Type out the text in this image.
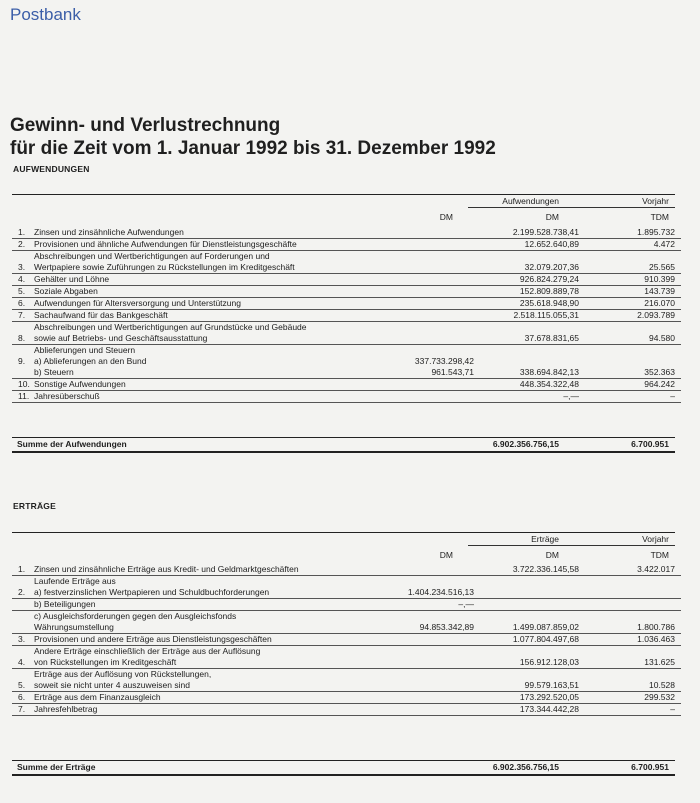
Postbank
Gewinn- und Verlustrechnung
für die Zeit vom 1. Januar 1992 bis 31. Dezember 1992
AUFWENDUNGEN
Aufwendungen	Vorjahr
DM	DM	TDM
1.	Zinsen und zinsähnliche Aufwendungen		2.199.528.738,41	1.895.732
2.	Provisionen und ähnliche Aufwendungen für Dienstleistungsgeschäfte		12.652.640,89	4.472
3.	Abschreibungen und Wertberichtigungen auf Forderungen und
Wertpapiere sowie Zuführungen zu Rückstellungen im Kreditgeschäft		32.079.207,36	25.565
4.	Gehälter und Löhne		926.824.279,24	910.399
5.	Soziale Abgaben		152.809.889,78	143.739
6.	Aufwendungen für Altersversorgung und Unterstützung		235.618.948,90	216.070
7.	Sachaufwand für das Bankgeschäft		2.518.115.055,31	2.093.789
8.	Abschreibungen und Wertberichtigungen auf Grundstücke und Gebäude
sowie auf Betriebs- und Geschäftsausstattung		37.678.831,65	94.580
9.	Ablieferungen und Steuern
a) Ablieferungen an den Bund	337.733.298,42		

	b) Steuern	961.543,71	338.694.842,13	352.363
10.	Sonstige Aufwendungen		448.354.322,48	964.242
11.	Jahresüberschuß		–,—	–
Summe der Aufwendungen	6.902.356.756,15	6.700.951
ERTRÄGE
Erträge	Vorjahr
DM	DM	TDM
1.	Zinsen und zinsähnliche Erträge aus Kredit- und Geldmarktgeschäften		3.722.336.145,58	3.422.017
2.	Laufende Erträge aus
a) festverzinslichen Wertpapieren und Schuldbuchforderungen	1.404.234.516,13		

	b) Beteiligungen	–,—		

	c) Ausgleichsforderungen gegen den Ausgleichsfonds
Währungsumstellung	94.853.342,89	1.499.087.859,02	1.800.786
3.	Provisionen und andere Erträge aus Dienstleistungsgeschäften		1.077.804.497,68	1.036.463
4.	Andere Erträge einschließlich der Erträge aus der Auflösung
von Rückstellungen im Kreditgeschäft		156.912.128,03	131.625
5.	Erträge aus der Auflösung von Rückstellungen,
soweit sie nicht unter 4 auszuweisen sind		99.579.163,51	10.528
6.	Erträge aus dem Finanzausgleich		173.292.520,05	299.532
7.	Jahresfehlbetrag		173.344.442,28	–
Summe der Erträge	6.902.356.756,15	6.700.951
